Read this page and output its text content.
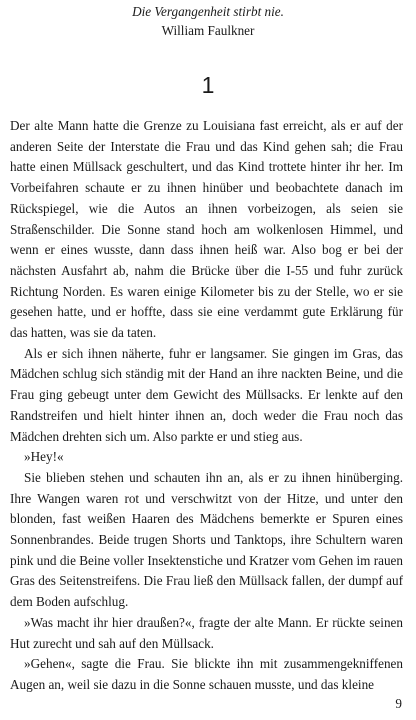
Die Vergangenheit stirbt nie.
William Faulkner
1

Der alte Mann hatte die Grenze zu Louisiana fast erreicht, als er auf der anderen Seite der Interstate die Frau und das Kind gehen sah; die Frau hatte einen Müllsack geschultert, und das Kind trottete hinter ihr her. Im Vorbeifahren schaute er zu ihnen hinüber und beobachtete danach im Rückspiegel, wie die Autos an ihnen vorbeizogen, als seien sie Straßenschilder. Die Sonne stand hoch am wolkenlosen Himmel, und wenn er eines wusste, dann dass ihnen heiß war. Also bog er bei der nächsten Ausfahrt ab, nahm die Brücke über die I-55 und fuhr zurück Richtung Norden. Es waren einige Kilometer bis zu der Stelle, wo er sie gesehen hatte, und er hoffte, dass sie eine verdammt gute Erklärung für das hatten, was sie da taten.

Als er sich ihnen näherte, fuhr er langsamer. Sie gingen im Gras, das Mädchen schlug sich ständig mit der Hand an ihre nackten Beine, und die Frau ging gebeugt unter dem Gewicht des Müllsacks. Er lenkte auf den Randstreifen und hielt hinter ihnen an, doch weder die Frau noch das Mädchen drehten sich um. Also parkte er und stieg aus.

»Hey!«

Sie blieben stehen und schauten ihn an, als er zu ihnen hinüberging. Ihre Wangen waren rot und verschwitzt von der Hitze, und unter den blonden, fast weißen Haaren des Mädchens bemerkte er Spuren eines Sonnenbrandes. Beide trugen Shorts und Tanktops, ihre Schultern waren pink und die Beine voller Insektenstiche und Kratzer vom Gehen im rauen Gras des Seitenstreifens. Die Frau ließ den Müllsack fallen, der dumpf auf dem Boden aufschlug.

»Was macht ihr hier draußen?«, fragte der alte Mann. Er rückte seinen Hut zurecht und sah auf den Müllsack.

»Gehen«, sagte die Frau. Sie blickte ihn mit zusammengekniffenen Augen an, weil sie dazu in die Sonne schauen musste, und das kleine

9
